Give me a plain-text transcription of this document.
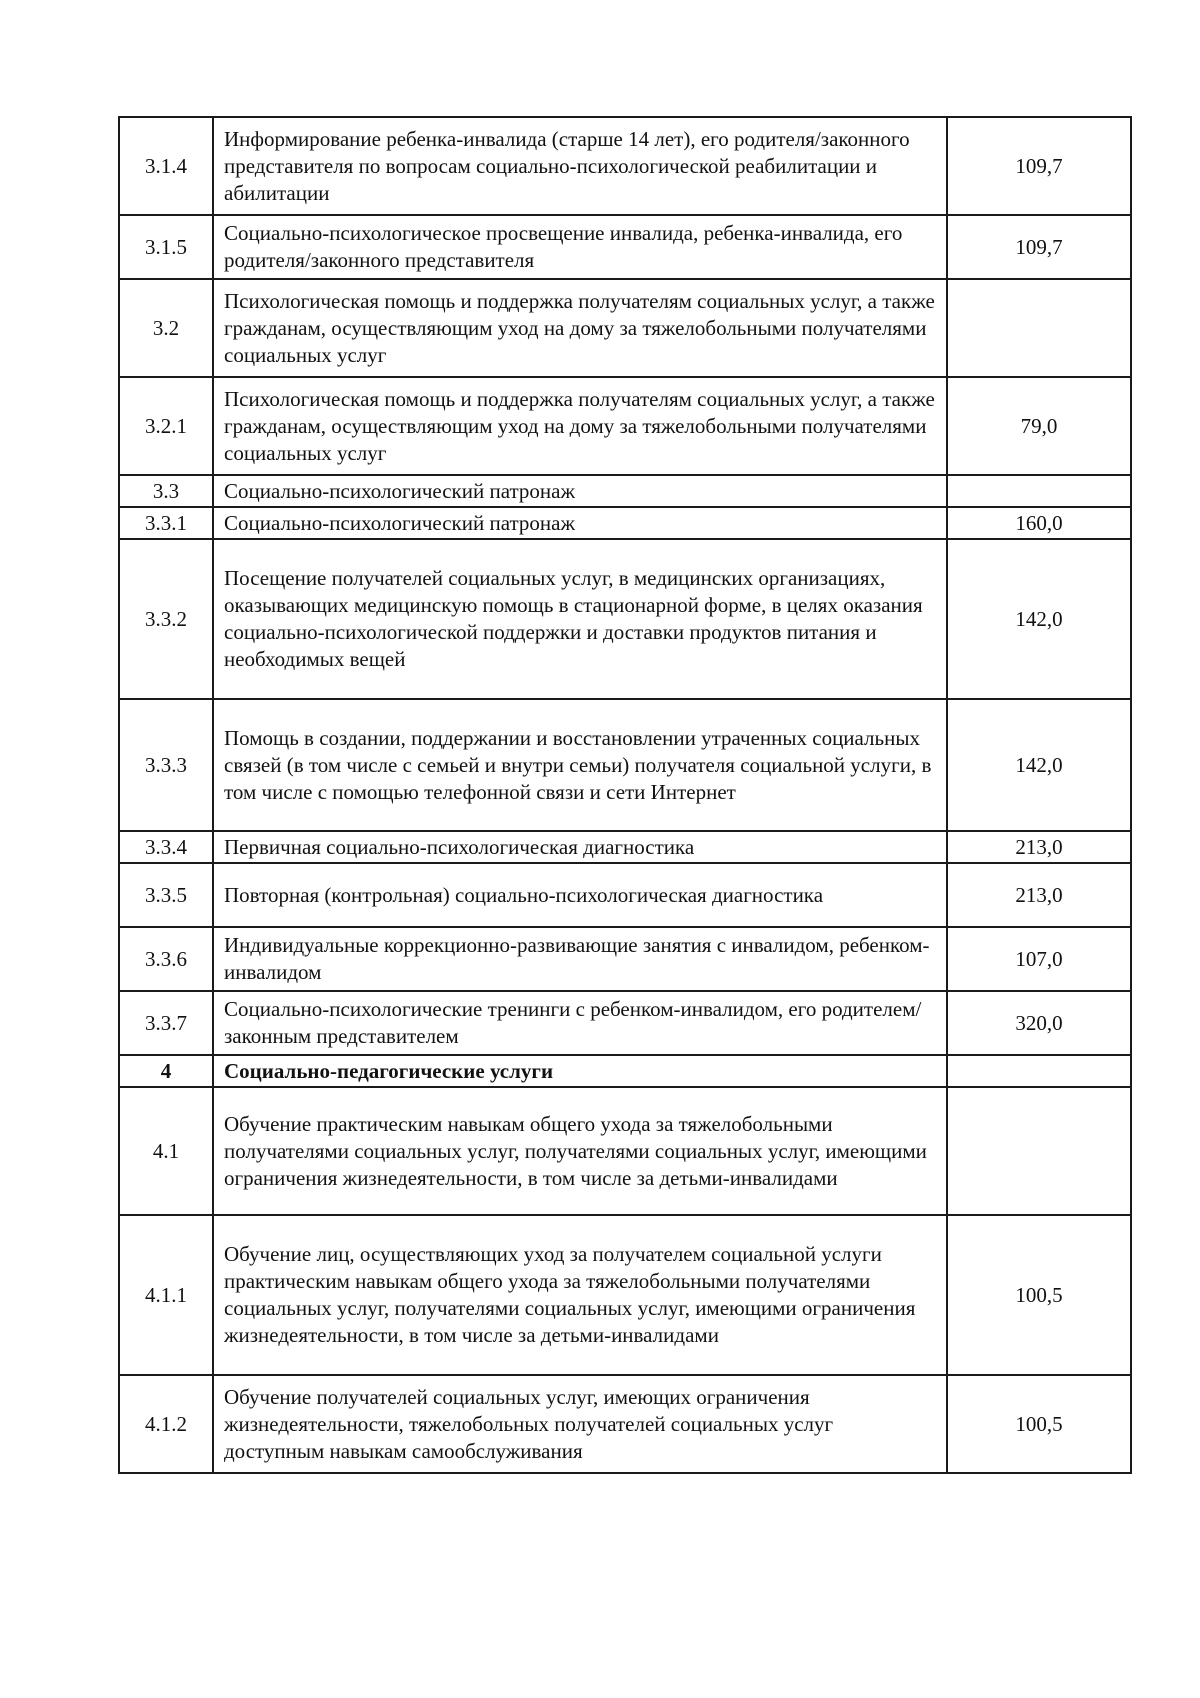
3.1.4	Информирование ребенка-инвалида (старше 14 лет), его родителя/законного представителя по вопросам социально-психологической реабилитации и абилитации	109,7
3.1.5	Социально-психологическое просвещение инвалида, ребенка-инвалида, его родителя/законного представителя	109,7
3.2	Психологическая помощь и поддержка получателям социальных услуг, а также гражданам, осуществляющим уход на дому за тяжелобольными получателями социальных услуг	
3.2.1	Психологическая помощь и поддержка получателям социальных услуг, а также гражданам, осуществляющим уход на дому за тяжелобольными получателями социальных услуг	79,0
3.3	Социально-психологический патронаж	
3.3.1	Социально-психологический патронаж	160,0
3.3.2	Посещение получателей социальных услуг, в медицинских организациях, оказывающих медицинскую помощь в стационарной форме, в целях оказания социально-психологической поддержки и доставки продуктов питания и необходимых вещей	142,0
3.3.3	Помощь в создании, поддержании и восстановлении утраченных социальных связей (в том числе с семьей и внутри семьи) получателя социальной услуги, в том числе с помощью телефонной связи и сети Интернет	142,0
3.3.4	Первичная социально-психологическая диагностика	213,0
3.3.5	Повторная (контрольная) социально-психологическая диагностика	213,0
3.3.6	Индивидуальные коррекционно-развивающие занятия с инвалидом, ребенком-инвалидом	107,0
3.3.7	Социально-психологические тренинги с ребенком-инвалидом, его родителем/законным представителем	320,0
4	Социально-педагогические услуги	
4.1	Обучение практическим навыкам общего ухода за тяжелобольными получателями социальных услуг, получателями социальных услуг, имеющими ограничения жизнедеятельности, в том числе за детьми-инвалидами	
4.1.1	Обучение лиц, осуществляющих уход за получателем социальной услуги практическим навыкам общего ухода за тяжелобольными получателями социальных услуг, получателями социальных услуг, имеющими ограничения жизнедеятельности, в том числе за детьми-инвалидами	100,5
4.1.2	Обучение получателей социальных услуг, имеющих ограничения жизнедеятельности, тяжелобольных получателей социальных услуг доступным навыкам самообслуживания	100,5
